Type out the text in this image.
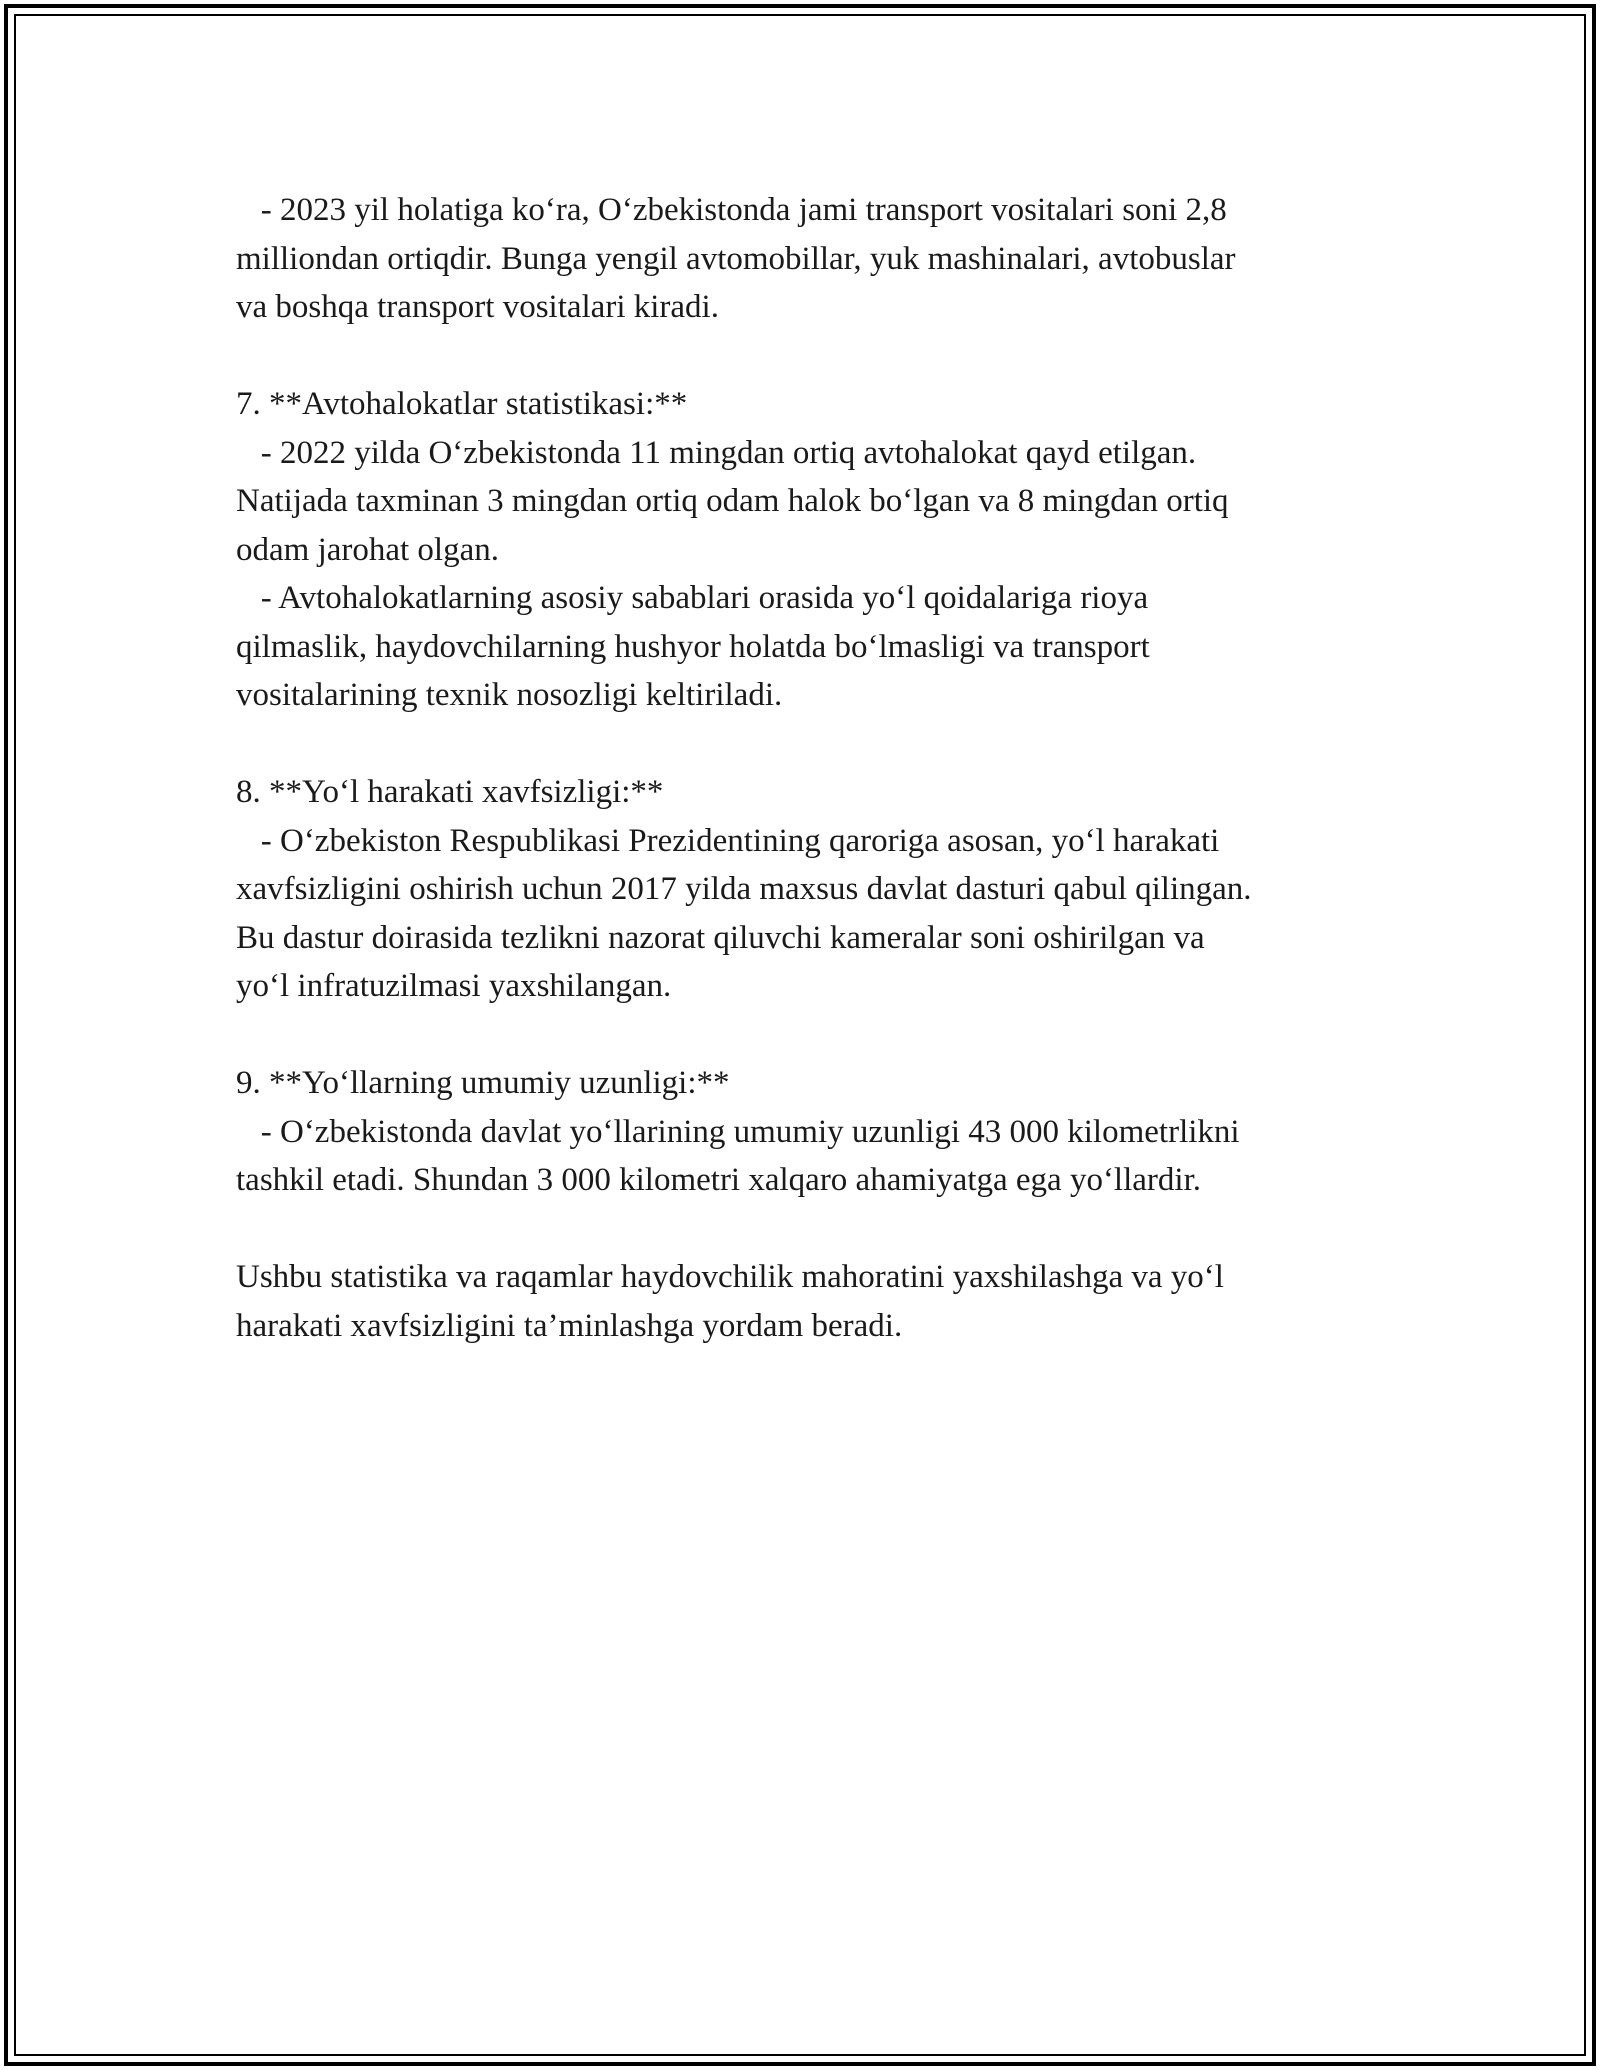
- 2023 yil holatiga ko‘ra, O‘zbekistonda jami transport vositalari soni 2,8
milliondan ortiqdir. Bunga yengil avtomobillar, yuk mashinalari, avtobuslar
va boshqa transport vositalari kiradi.

7. **Avtohalokatlar statistikasi:**
- 2022 yilda O‘zbekistonda 11 mingdan ortiq avtohalokat qayd etilgan.
Natijada taxminan 3 mingdan ortiq odam halok bo‘lgan va 8 mingdan ortiq
odam jarohat olgan.
- Avtohalokatlarning asosiy sabablari orasida yo‘l qoidalariga rioya
qilmaslik, haydovchilarning hushyor holatda bo‘lmasligi va transport
vositalarining texnik nosozligi keltiriladi.

8. **Yo‘l harakati xavfsizligi:**
- O‘zbekiston Respublikasi Prezidentining qaroriga asosan, yo‘l harakati
xavfsizligini oshirish uchun 2017 yilda maxsus davlat dasturi qabul qilingan.
Bu dastur doirasida tezlikni nazorat qiluvchi kameralar soni oshirilgan va
yo‘l infratuzilmasi yaxshilangan.

9. **Yo‘llarning umumiy uzunligi:**
- O‘zbekistonda davlat yo‘llarining umumiy uzunligi 43 000 kilometrlikni
tashkil etadi. Shundan 3 000 kilometri xalqaro ahamiyatga ega yo‘llardir.

Ushbu statistika va raqamlar haydovchilik mahoratini yaxshilashga va yo‘l
harakati xavfsizligini ta’minlashga yordam beradi.
